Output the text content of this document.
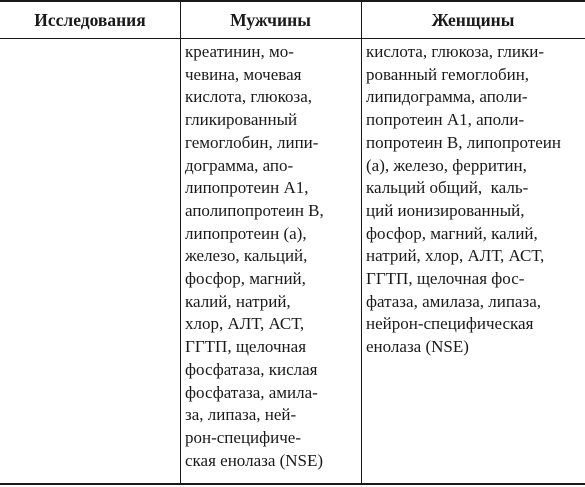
Исследования	Мужчины	Женщины
креатинин, мо-
чевина, мочевая
кислота, глюкоза,
гликированный
гемоглобин, липи-
дограмма, апо-
липопротеин А1,
аполипопротеин В,
липопротеин (а),
железо, кальций,
фосфор, магний,
калий, натрий,
хлор, АЛТ, АСТ,
ГГТП, щелочная
фосфатаза, кислая
фосфатаза, амила-
за, липаза, ней-
рон-специфиче-
ская енолаза (NSE)
кислота, глюкоза, глики-
рованный гемоглобин,
липидограмма, апoли-
попротеин А1, аполи-
попротеин В, липопротеин
(а), железо, ферритин,
кальций общий,  каль-
ций ионизированный,
фосфор, магний, калий,
натрий, хлор, АЛТ, АСТ,
ГГТП, щелочная фос-
фатаза, амилаза, липаза,
нейрон-специфическая
енолаза (NSE)
